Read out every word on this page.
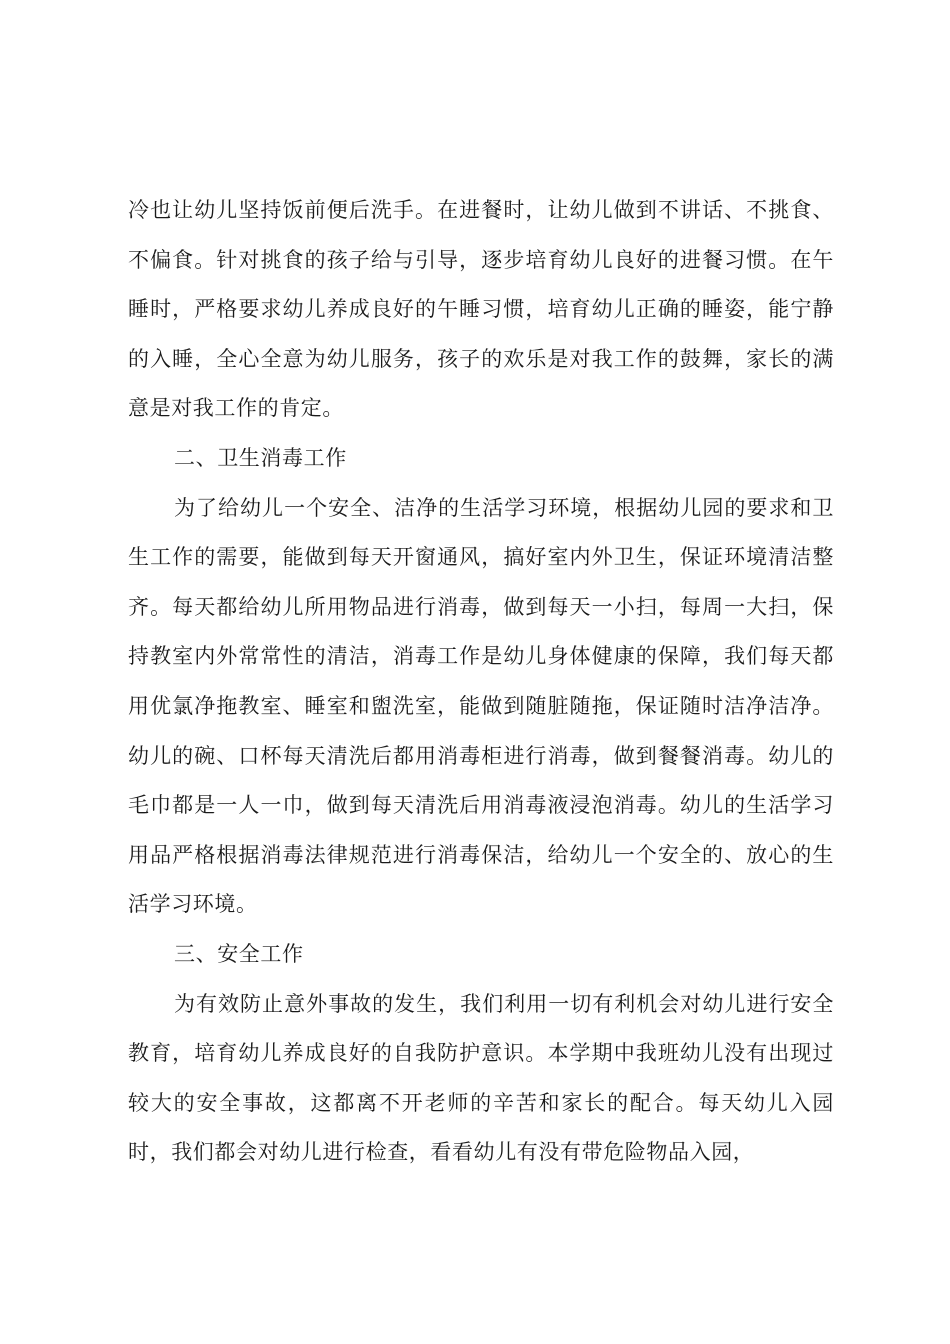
冷也让幼儿坚持饭前便后洗手。在进餐时，让幼儿做到不讲话、不挑食、不偏食。针对挑食的孩子给与引导，逐步培育幼儿良好的进餐习惯。在午睡时，严格要求幼儿养成良好的午睡习惯，培育幼儿正确的睡姿，能宁静的入睡，全心全意为幼儿服务，孩子的欢乐是对我工作的鼓舞，家长的满意是对我工作的肯定。

二、卫生消毒工作

为了给幼儿一个安全、洁净的生活学习环境，根据幼儿园的要求和卫生工作的需要，能做到每天开窗通风，搞好室内外卫生，保证环境清洁整齐。每天都给幼儿所用物品进行消毒，做到每天一小扫，每周一大扫，保持教室内外常常性的清洁，消毒工作是幼儿身体健康的保障，我们每天都用优氯净拖教室、睡室和盥洗室，能做到随脏随拖，保证随时洁净洁净。幼儿的碗、口杯每天清洗后都用消毒柜进行消毒，做到餐餐消毒。幼儿的毛巾都是一人一巾，做到每天清洗后用消毒液浸泡消毒。幼儿的生活学习用品严格根据消毒法律规范进行消毒保洁，给幼儿一个安全的、放心的生活学习环境。

三、安全工作

为有效防止意外事故的发生，我们利用一切有利机会对幼儿进行安全教育，培育幼儿养成良好的自我防护意识。本学期中我班幼儿没有出现过较大的安全事故，这都离不开老师的辛苦和家长的配合。每天幼儿入园时，我们都会对幼儿进行检查，看看幼儿有没有带危险物品入园，
